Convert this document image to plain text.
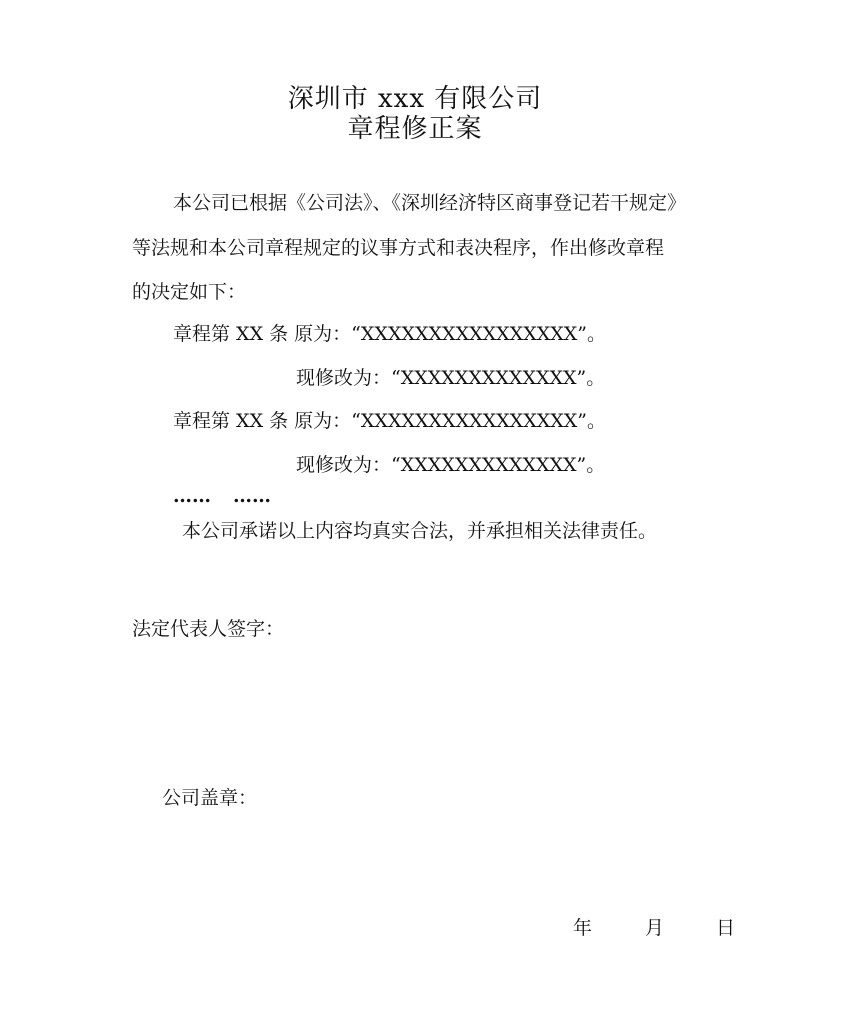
深圳市 xxx 有限公司
章程修正案
本公司已根据《公司法》、《深圳经济特区商事登记若干规定》
等法规和本公司章程规定的议事方式和表决程序，作出修改章程
的决定如下：
章程第 XX 条 原为：“XXXXXXXXXXXXXXXX”。
现修改为：“XXXXXXXXXXXXX”。
章程第 XX 条 原为：“XXXXXXXXXXXXXXXX”。
现修改为：“XXXXXXXXXXXXX”。
…… ……
本公司承诺以上内容均真实合法，并承担相关法律责任。
法定代表人签字：
公司盖章：
年	月	日
